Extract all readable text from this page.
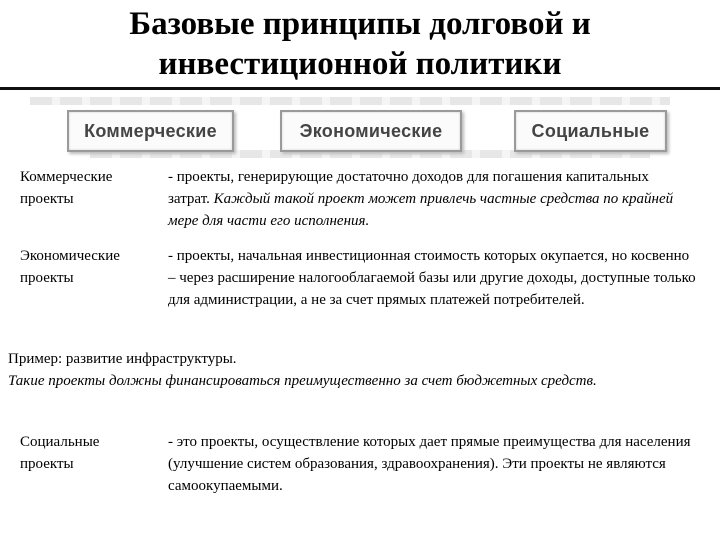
Базовые принципы долговой и
инвестиционной политики
Коммерческие	Экономические	Социальные
Коммерческие
проекты
- проекты, генерирующие достаточно доходов для погашения капитальных затрат. Каждый такой проект может привлечь частные средства по крайней мере для части его исполнения.
Экономические
проекты
- проекты, начальная инвестиционная стоимость которых окупается, но косвенно – через расширение налогооблагаемой базы или другие доходы, доступные только для администрации, а не за счет прямых платежей потребителей.
Пример: развитие инфраструктуры.
Такие проекты должны финансироваться преимущественно за счет бюджетных средств.
Социальные
проекты
- это проекты, осуществление которых дает прямые преимущества для населения (улучшение систем образования, здравоохранения). Эти проекты не являются самоокупаемыми.
